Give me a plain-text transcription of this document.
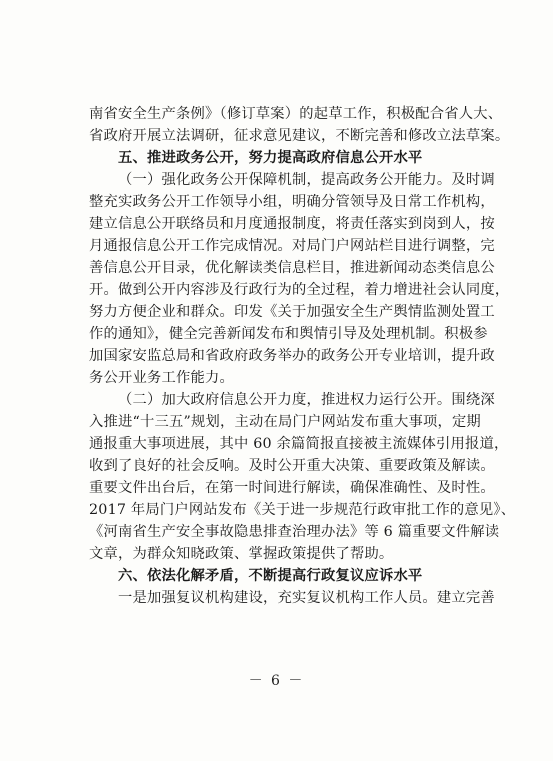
南省安全生产条例》（修订草案）的起草工作，积极配合省人大、
省政府开展立法调研，征求意见建议，不断完善和修改立法草案。
五、推进政务公开，努力提高政府信息公开水平
（一）强化政务公开保障机制，提高政务公开能力。及时调
整充实政务公开工作领导小组，明确分管领导及日常工作机构，
建立信息公开联络员和月度通报制度，将责任落实到岗到人，按
月通报信息公开工作完成情况。对局门户网站栏目进行调整，完
善信息公开目录，优化解读类信息栏目，推进新闻动态类信息公
开。做到公开内容涉及行政行为的全过程，着力增进社会认同度，
努力方便企业和群众。印发《关于加强安全生产舆情监测处置工
作的通知》，健全完善新闻发布和舆情引导及处理机制。积极参
加国家安监总局和省政府政务举办的政务公开专业培训，提升政
务公开业务工作能力。
（二）加大政府信息公开力度，推进权力运行公开。围绕深
入推进“十三五”规划，主动在局门户网站发布重大事项，定期
通报重大事项进展，其中 60 余篇简报直接被主流媒体引用报道，
收到了良好的社会反响。及时公开重大决策、重要政策及解读。
重要文件出台后，在第一时间进行解读，确保准确性、及时性。
2017 年局门户网站发布《关于进一步规范行政审批工作的意见》、
《河南省生产安全事故隐患排查治理办法》等 6 篇重要文件解读
文章，为群众知晓政策、掌握政策提供了帮助。
六、依法化解矛盾，不断提高行政复议应诉水平
一是加强复议机构建设，充实复议机构工作人员。建立完善
－ 6 －
